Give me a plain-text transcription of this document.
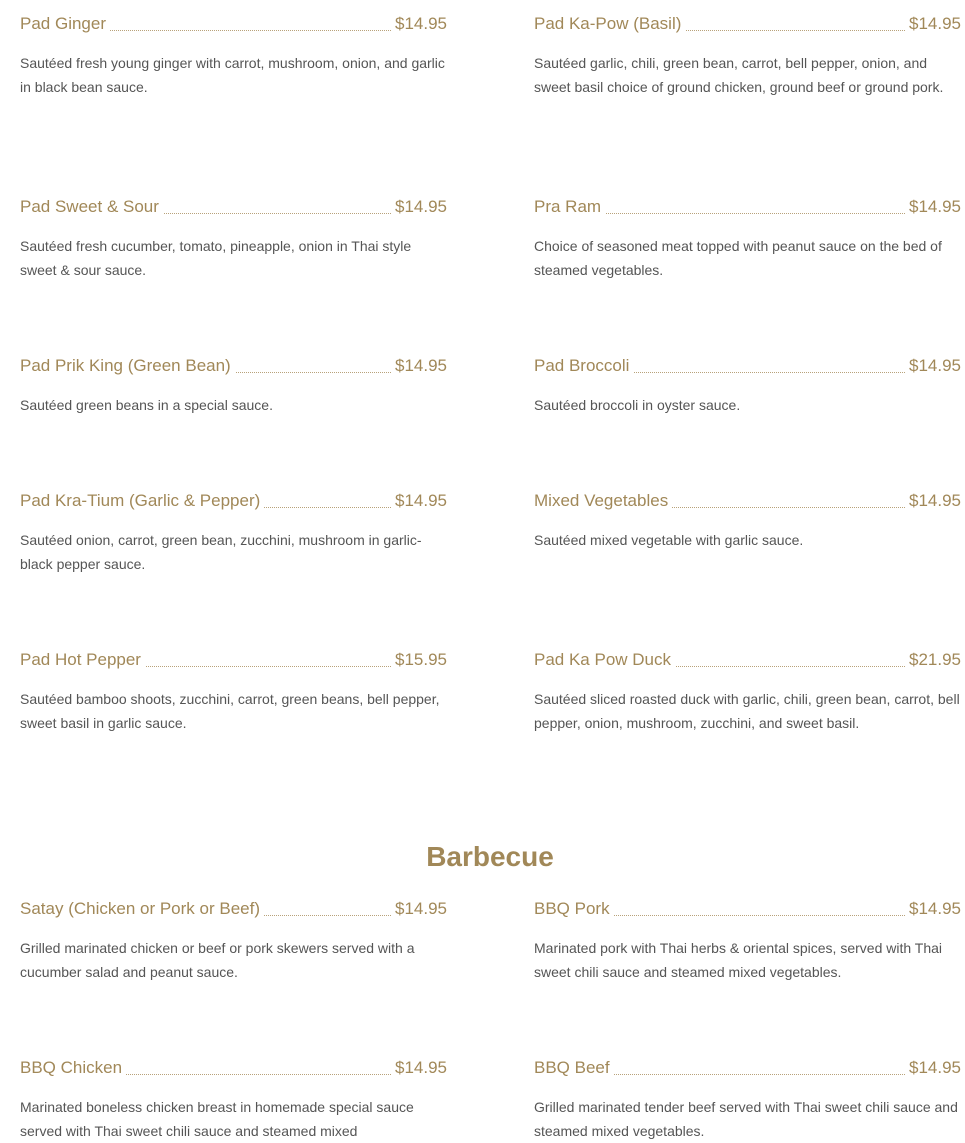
Pad Ginger	$14.95
Sautéed fresh young ginger with carrot, mushroom, onion, and garlic in black bean sauce.
Pad Ka-Pow (Basil)	$14.95
Sautéed garlic, chili, green bean, carrot, bell pepper, onion, and sweet basil choice of ground chicken, ground beef or ground pork.
Pad Sweet & Sour	$14.95
Sautéed fresh cucumber, tomato, pineapple, onion in Thai style sweet & sour sauce.
Pra Ram	$14.95
Choice of seasoned meat topped with peanut sauce on the bed of steamed vegetables.
Pad Prik King (Green Bean)	$14.95
Sautéed green beans in a special sauce.
Pad Broccoli	$14.95
Sautéed broccoli in oyster sauce.
Pad Kra-Tium (Garlic & Pepper)	$14.95
Sautéed onion, carrot, green bean, zucchini, mushroom in garlic-black pepper sauce.
Mixed Vegetables	$14.95
Sautéed mixed vegetable with garlic sauce.
Pad Hot Pepper	$15.95
Sautéed bamboo shoots, zucchini, carrot, green beans, bell pepper, sweet basil in garlic sauce.
Pad Ka Pow Duck	$21.95
Sautéed sliced roasted duck with garlic, chili, green bean, carrot, bell pepper, onion, mushroom, zucchini, and sweet basil.
Barbecue
Satay (Chicken or Pork or Beef)	$14.95
Grilled marinated chicken or beef or pork skewers served with a cucumber salad and peanut sauce.
BBQ Pork	$14.95
Marinated pork with Thai herbs & oriental spices, served with Thai sweet chili sauce and steamed mixed vegetables.
BBQ Chicken	$14.95
Marinated boneless chicken breast in homemade special sauce served with Thai sweet chili sauce and steamed mixed
BBQ Beef	$14.95
Grilled marinated tender beef served with Thai sweet chili sauce and steamed mixed vegetables.
